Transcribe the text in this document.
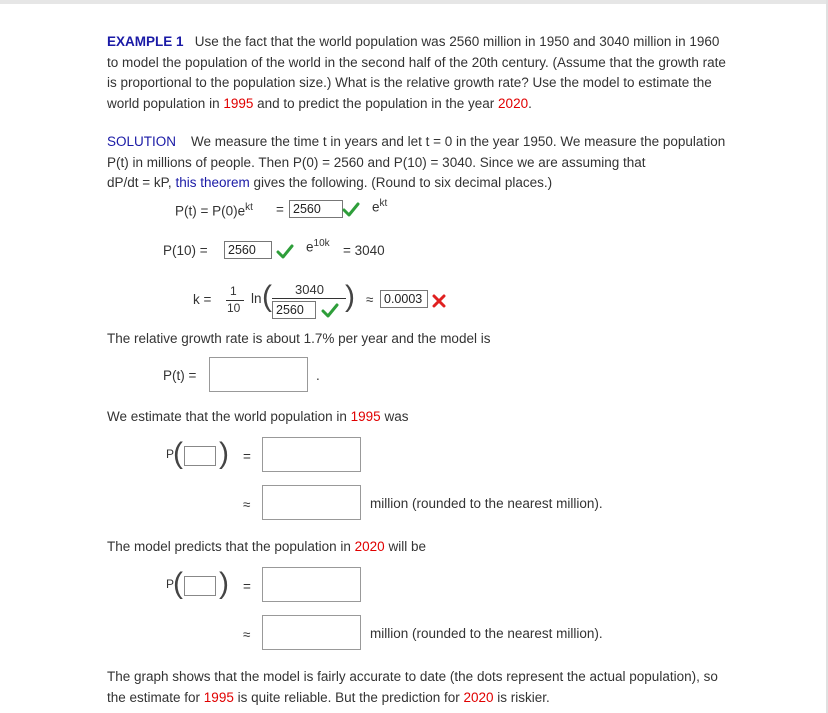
EXAMPLE 1 Use the fact that the world population was 2560 million in 1950 and 3040 million in 1960
to model the population of the world in the second half of the 20th century. (Assume that the growth rate
is proportional to the population size.) What is the relative growth rate? Use the model to estimate the
world population in 1995 and to predict the population in the year 2020.
SOLUTION We measure the time t in years and let t = 0 in the year 1950. We measure the population
P(t) in millions of people. Then P(0) = 2560 and P(10) = 3040. Since we are assuming that
dP/dt = kP, this theorem gives the following. (Round to six decimal places.)
$P(t) = P(0)e^{kt} = 2560$	$e^{kt}$
P(10) =	2560	$e^{10k} = 3040$
k =
1
10
ln ( 3040
2560	) ≈ 0.0003
The relative growth rate is about 1.7% per year and the model is
P(t) =	.
We estimate that the world population in 1995 was
P
( ) =
≈	million (rounded to the nearest million).
The model predicts that the population in 2020 will be
P
( ) =
≈	million (rounded to the nearest million).
The graph shows that the model is fairly accurate to date (the dots represent the actual population), so
the estimate for 1995 is quite reliable. But the prediction for 2020 is riskier.
